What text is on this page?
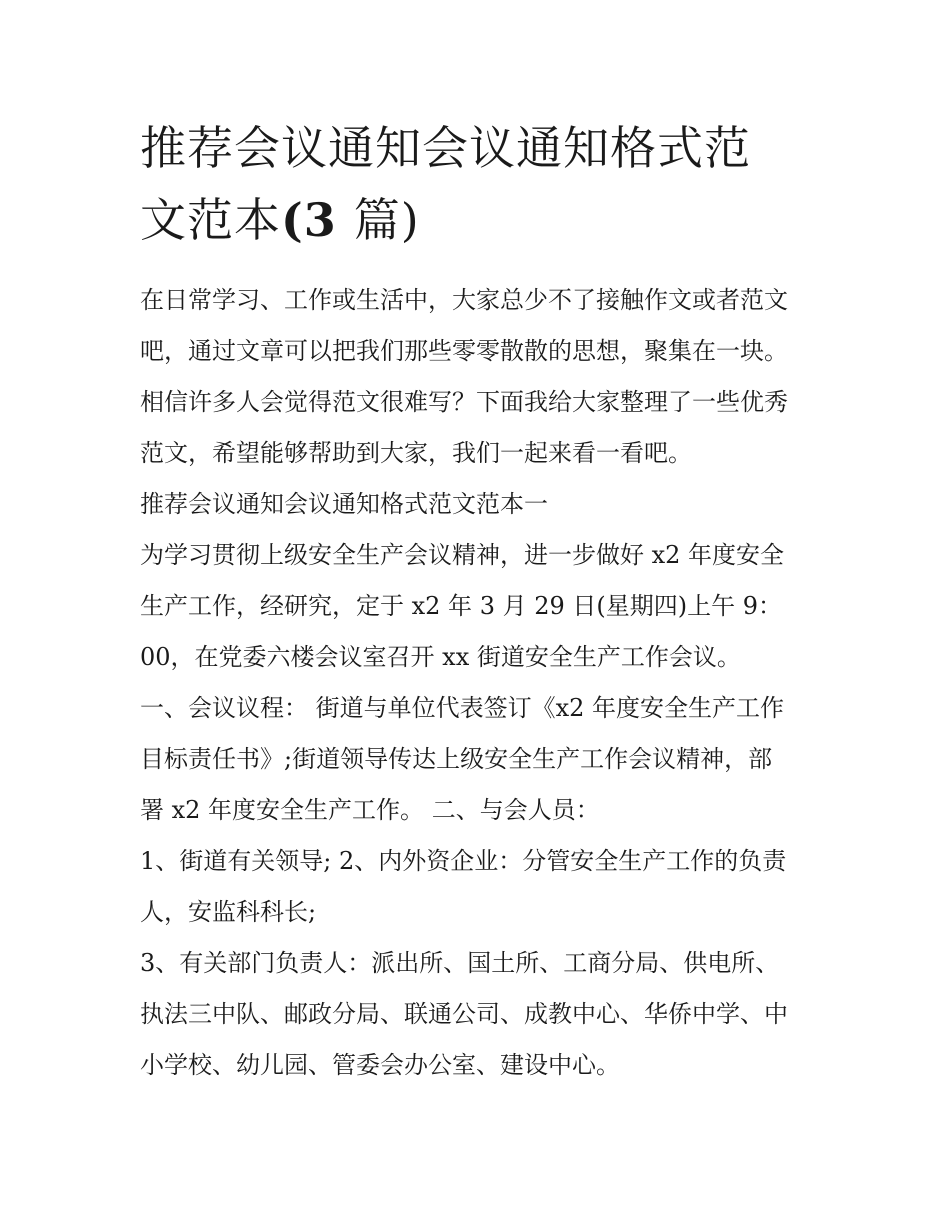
推荐会议通知会议通知格式范
文范本(3 篇)

在日常学习、工作或生活中，大家总少不了接触作文或者范文

吧，通过文章可以把我们那些零零散散的思想，聚集在一块。

相信许多人会觉得范文很难写？下面我给大家整理了一些优秀

范文，希望能够帮助到大家，我们一起来看一看吧。

推荐会议通知会议通知格式范文范本一

为学习贯彻上级安全生产会议精神，进一步做好 x2 年度安全

生产工作，经研究，定于 x2 年 3 月 29 日(星期四)上午 9：

00，在党委六楼会议室召开 xx 街道安全生产工作会议。

一、会议议程： 街道与单位代表签订《x2 年度安全生产工作

目标责任书》;街道领导传达上级安全生产工作会议精神，部

署 x2 年度安全生产工作。 二、与会人员：

1、街道有关领导; 2、内外资企业：分管安全生产工作的负责

人，安监科科长;

3、有关部门负责人：派出所、国土所、工商分局、供电所、

执法三中队、邮政分局、联通公司、成教中心、华侨中学、中

小学校、幼儿园、管委会办公室、建设中心。
